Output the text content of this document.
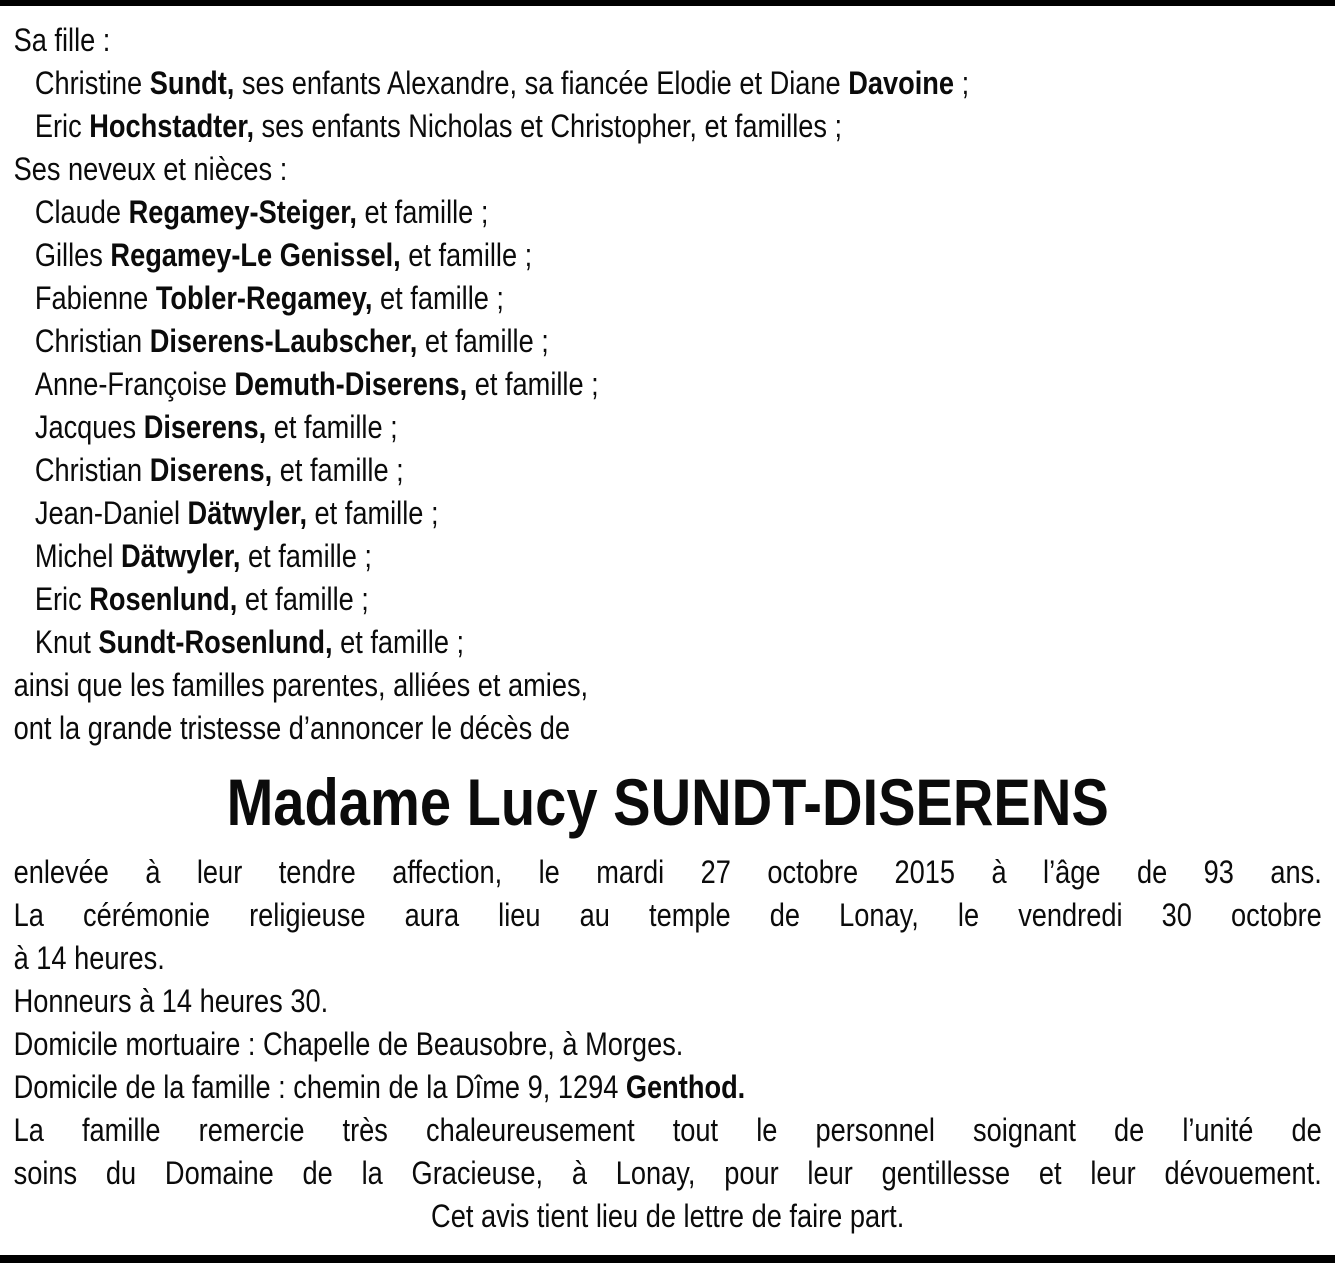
Sa fille :
Christine Sundt, ses enfants Alexandre, sa fiancée Elodie et Diane Davoine ;
Eric Hochstadter, ses enfants Nicholas et Christopher, et familles ;
Ses neveux et nièces :
Claude Regamey-Steiger, et famille ;
Gilles Regamey-Le Genissel, et famille ;
Fabienne Tobler-Regamey, et famille ;
Christian Diserens-Laubscher, et famille ;
Anne-Françoise Demuth-Diserens, et famille ;
Jacques Diserens, et famille ;
Christian Diserens, et famille ;
Jean-Daniel Dätwyler, et famille ;
Michel Dätwyler, et famille ;
Eric Rosenlund, et famille ;
Knut Sundt-Rosenlund, et famille ;
ainsi que les familles parentes, alliées et amies,
ont la grande tristesse d’annoncer le décès de
Madame Lucy SUNDT-DISERENS
enlevée à leur tendre affection, le mardi 27 octobre 2015 à l’âge de 93 ans.
La cérémonie religieuse aura lieu au temple de Lonay, le vendredi 30 octobre
à 14 heures.
Honneurs à 14 heures 30.
Domicile mortuaire : Chapelle de Beausobre, à Morges.
Domicile de la famille : chemin de la Dîme 9, 1294 Genthod.
La famille remercie très chaleureusement tout le personnel soignant de l’unité de
soins du Domaine de la Gracieuse, à Lonay, pour leur gentillesse et leur dévouement.
Cet avis tient lieu de lettre de faire part.
